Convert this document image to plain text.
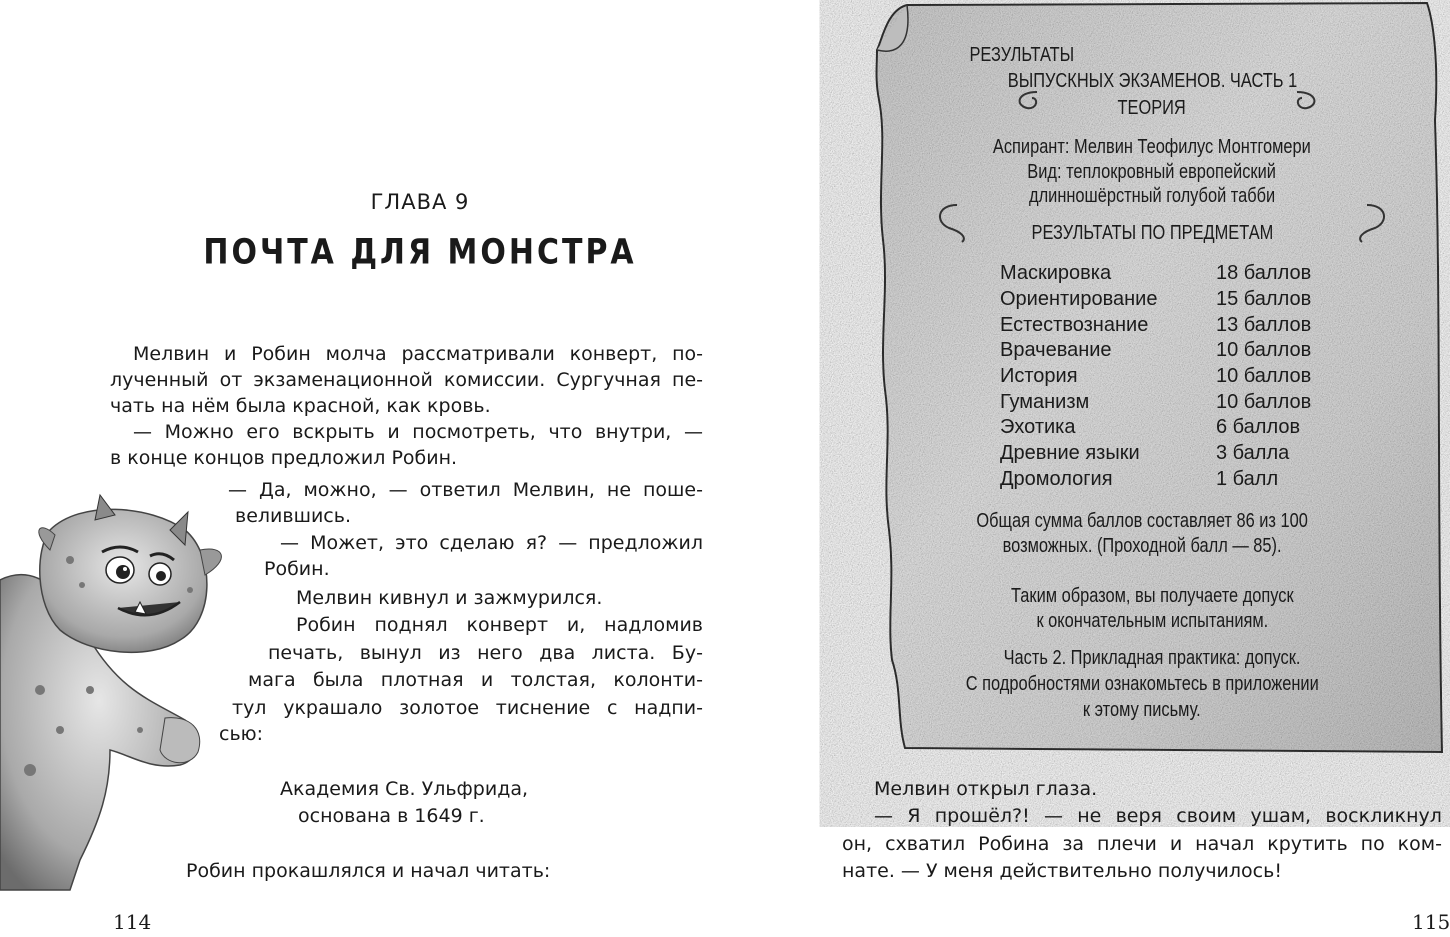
ГЛАВА 9
ПОЧТА ДЛЯ МОНСТРА
Мелвин и Робин молча рассматривали конверт, по-
лученный от экзаменационной комиссии. Сургучная пе-
чать на нём была красной, как кровь.
— Можно его вскрыть и посмотреть, что внутри, —
в конце концов предложил Робин.
— Да, можно, — ответил Мелвин, не поше-
велившись.
— Может, это сделаю я? — предложил
Робин.
Мелвин кивнул и зажмурился.
Робин поднял конверт и, надломив
печать, вынул из него два листа. Бу-
мага была плотная и толстая, колонти-
тул украшало золотое тиснение с надпи-
сью:
Академия Св. Ульфрида,
основана в 1649 г.
Робин прокашлялся и начал читать:
114
РЕЗУЛЬТАТЫ
ВЫПУСКНЫХ ЭКЗАМЕНОВ. ЧАСТЬ 1
ТЕОРИЯ
Аспирант: Мелвин Теофилус Монтгомери
Вид: теплокровный европейский
длинношёрстный голубой табби
РЕЗУЛЬТАТЫ ПО ПРЕДМЕТАМ
Маскировка	18 баллов
Ориентирование	15 баллов
Естествознание	13 баллов
Врачевание	10 баллов
История	10 баллов
Гуманизм	10 баллов
Эхотика	6 баллов
Древние языки	3 балла
Дромология	1 балл
Общая сумма баллов составляет 86 из 100
возможных. (Проходной балл — 85).
Таким образом, вы получаете допуск
к окончательным испытаниям.
Часть 2. Прикладная практика: допуск.
С подробностями ознакомьтесь в приложении
к этому письму.
Мелвин открыл глаза.
— Я прошёл?! — не веря своим ушам, воскликнул
он, схватил Робина за плечи и начал крутить по ком-
нате. — У меня действительно получилось!
115
